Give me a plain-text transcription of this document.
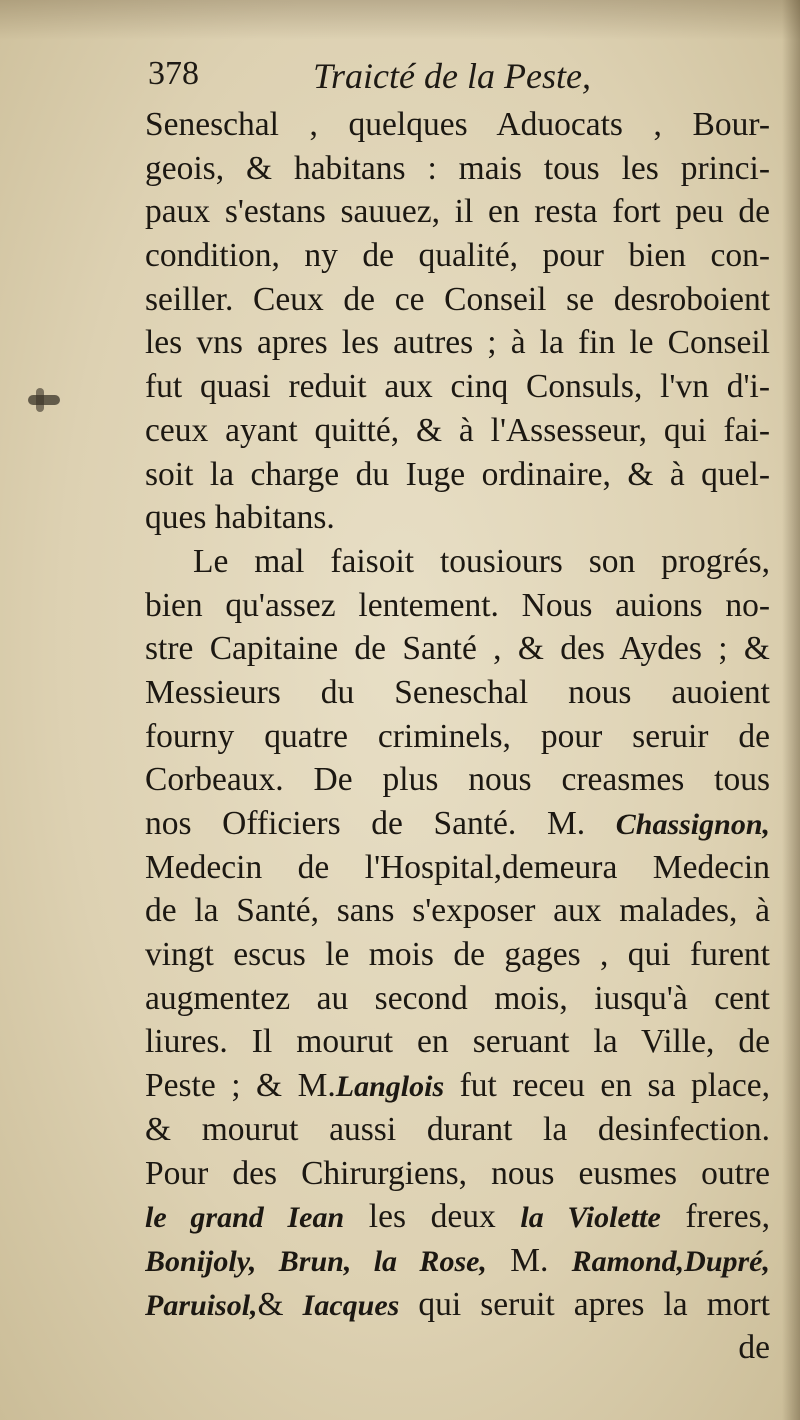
378	Traicté de la Peste,
Seneschal , quelques Aduocats , Bour-
geois, & habitans : mais tous les princi-
paux s'estans sauuez, il en resta fort peu de
condition, ny de qualité, pour bien con-
seiller. Ceux de ce Conseil se desroboient
les vns apres les autres ; à la fin le Conseil
fut quasi reduit aux cinq Consuls, l'vn d'i-
ceux ayant quitté, & à l'Assesseur, qui fai-
soit la charge du Iuge ordinaire, & à quel-
ques habitans.
Le mal faisoit tousiours son progrés,
bien qu'assez lentement. Nous auions no-
stre Capitaine de Santé , & des Aydes ; &
Messieurs du Seneschal nous auoient
fourny quatre criminels, pour seruir de
Corbeaux. De plus nous creasmes tous
nos Officiers de Santé. M. Chassignon,
Medecin de l'Hospital,demeura Medecin
de la Santé, sans s'exposer aux malades, à
vingt escus le mois de gages , qui furent
augmentez au second mois, iusqu'à cent
liures. Il mourut en seruant la Ville, de
Peste ; & M.Langlois fut receu en sa place,
& mourut aussi durant la desinfection.
Pour des Chirurgiens, nous eusmes outre
le grand Iean les deux la Violette freres,
Bonijoly, Brun, la Rose, M. Ramond,Dupré,
Paruisol,& Iacques qui seruit apres la mort
de
